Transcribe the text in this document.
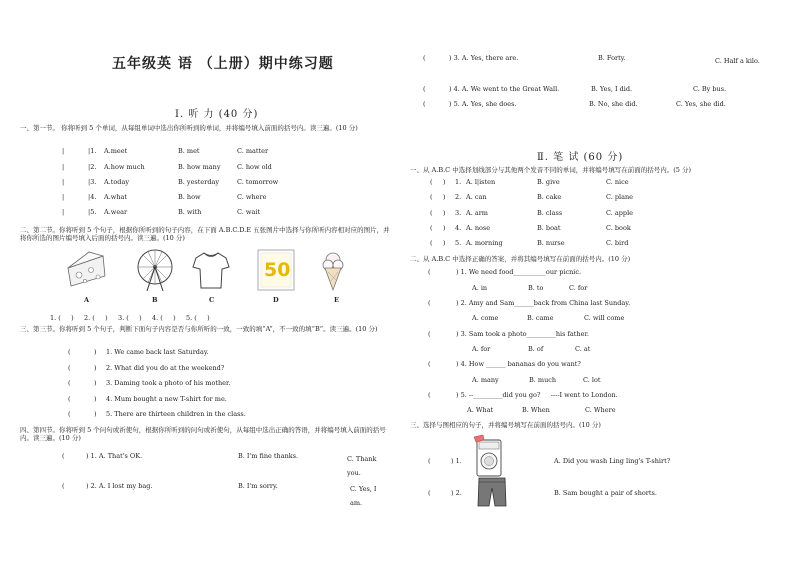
五年级英 语 （上册）期中练习题
Ⅰ. 听 力 (40 分)
一、第一节。 你将听到 5 个单词，从每组单词中选出你所听到的单词，并将编号填入前面的括号内。读三遍。(10 分)
|	|1. A.meet	B. met	C. matter
|	|2. A.how much	B. how many	C. how old
|	|3. A.today	B. yesterday	C. tomorrow
|	|4. A.what	B. how	C. where
|	|5. A.wear	B. with	C. wait
二、第二节。你将听到 5 个句子，根据你所听到的句子内容，在下面 A.B.C.D.E 五张图片中选择与你所听内容相对应的图片，并将你所选的图片编号填入后面的括号内。读三遍。(10 分)
50
A	B	C	D	E
1. (     )     2. (     )     3. (     )     4. (     )     5. (     )
三、第三节。你将听到 5 个句子，判断下面句子内容是否与你所听的一致，一致的填“A”，不一致的填“B”。读三遍。(10 分)
(	) 1. We came back last Saturday.
(	) 2. What did you do at the weekend?
(	) 3. Daming took a photo of his mother.
(	) 4. Mum bought a new T-shirt for me.
(	) 5. There are thirteen children in the class.
四、第四节。你将听到 5 个问句或祈使句，根据你所听到的问句或祈使句，从每组中选出正确的答语，并将编号填入前面的括号内。读三遍。(10 分)
(	) 1. A. That's OK.	B. I'm fine thanks.	C. Thank you.
(	) 2. A. I lost my bag.	B. I'm sorry.	C. Yes, I am.
(	) 3. A. Yes, there are.	B. Forty.	C. Half a kilo.
(	) 4. A. We went to the Great Wall.	B. Yes, I did.	C. By bus.
(	) 5. A. Yes, she does.	B. No, she did.	C. Yes, she did.
Ⅱ. 笔 试 (60 分)
一、从 A.B.C 中选择划线部分与其他两个发音不同的单词，并将编号填写在前面的括号内。(5 分)
(     ) 1. A. l|isten	B. give	C. nice
(     ) 2. A. can	B. cake	C. plane
(     ) 3. A. arm	B. class	C. apple
(     ) 4. A. nose	B. boat	C. book
(     ) 5. A. morning	B. nurse	C. bird
二、从 A.B.C 中选择正确的答案，并将其编号填写在前面的括号内。(10 分)
(	) 1. We need food__________our picnic.
A. in	B. to	C. for
(	) 2. Amy and Sam______back from China last Sunday.
A. come	B. came	C. will come
(	) 3. Sam took a photo_________his father.
A. for	B. of	C. at
(	) 4. How ______ bananas do you want?
A. many	B. much	C. lot
(	) 5. --_________did you go?     ----I went to London.
A. What	B. When	C. Where
三、选择与图相应的句子，并将编号填写在前面的括号内。(10 分)
(	) 1.	A. Did you wash Ling ling's T-shirt?
(	) 2.	B. Sam bought a pair of shorts.
